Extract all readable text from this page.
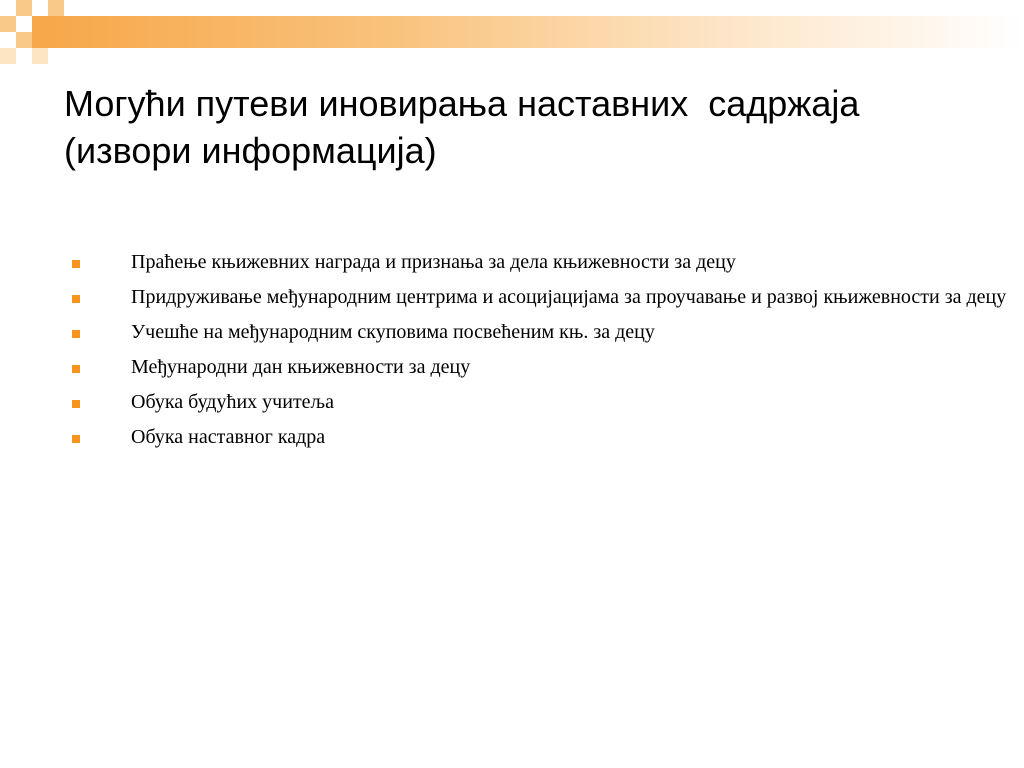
Могући путеви иновирања наставних  садржаја
(извори информација)
Праћење књижевних награда и признања за дела књижевности за децу
Придруживање међународним центрима и асоцијацијама за проучавање и развој књижевности за децу
Учешће на међународним скуповима посвећеним књ. за децу
Међународни дан књижевности за децу
Обука будућих учитеља
Обука наставног кадра
